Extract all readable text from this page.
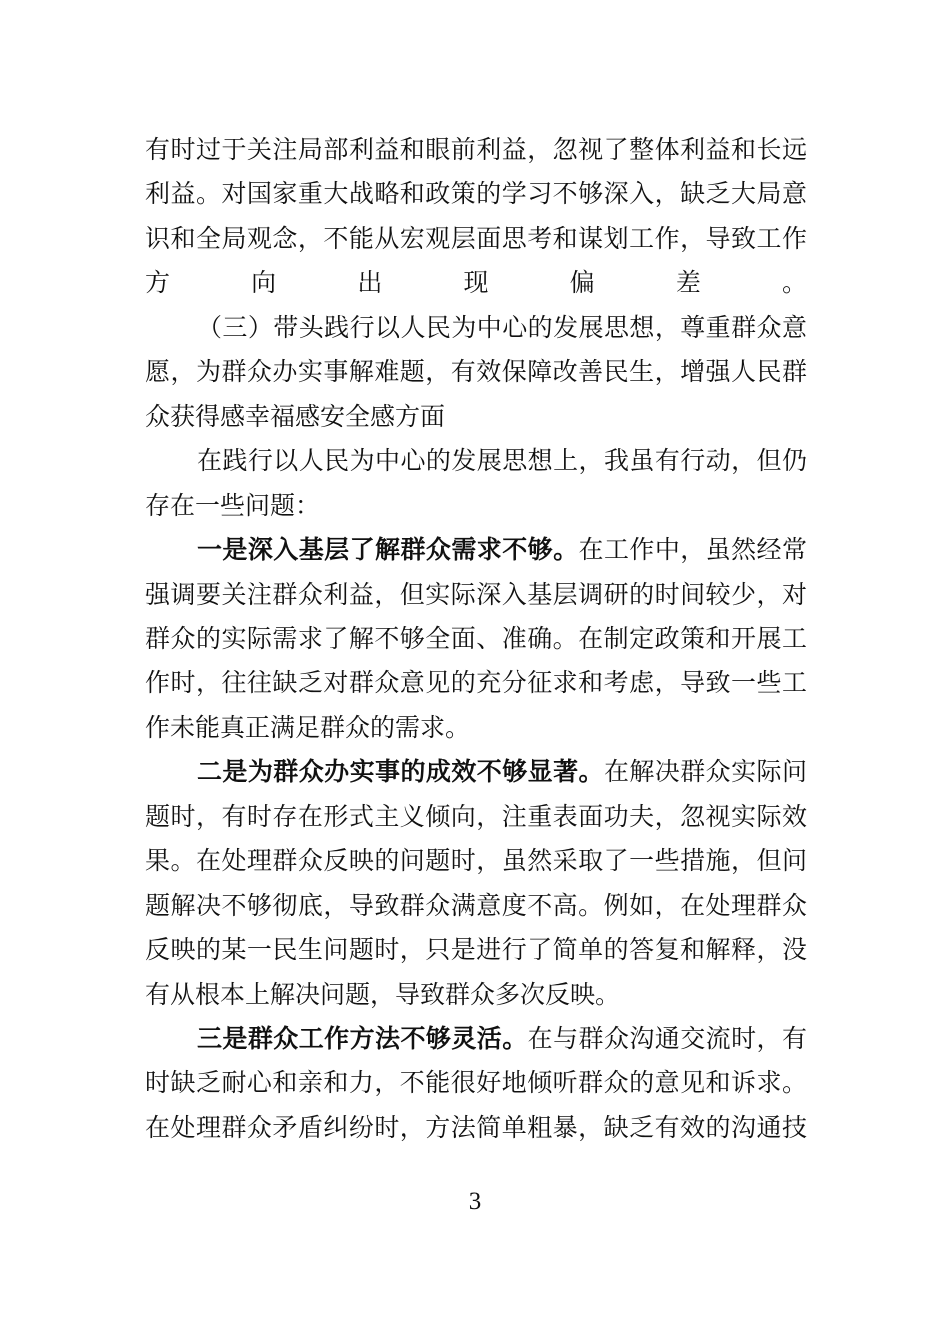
有时过于关注局部利益和眼前利益，忽视了整体利益和长远
利益。对国家重大战略和政策的学习不够深入，缺乏大局意
识和全局观念，不能从宏观层面思考和谋划工作，导致工作
方向出现偏差。
（三）带头践行以人民为中心的发展思想，尊重群众意
愿，为群众办实事解难题，有效保障改善民生，增强人民群
众获得感幸福感安全感方面
在践行以人民为中心的发展思想上，我虽有行动，但仍
存在一些问题：
一是深入基层了解群众需求不够。在工作中，虽然经常
强调要关注群众利益，但实际深入基层调研的时间较少，对
群众的实际需求了解不够全面、准确。在制定政策和开展工
作时，往往缺乏对群众意见的充分征求和考虑，导致一些工
作未能真正满足群众的需求。
二是为群众办实事的成效不够显著。在解决群众实际问
题时，有时存在形式主义倾向，注重表面功夫，忽视实际效
果。在处理群众反映的问题时，虽然采取了一些措施，但问
题解决不够彻底，导致群众满意度不高。例如，在处理群众
反映的某一民生问题时，只是进行了简单的答复和解释，没
有从根本上解决问题，导致群众多次反映。
三是群众工作方法不够灵活。在与群众沟通交流时，有
时缺乏耐心和亲和力，不能很好地倾听群众的意见和诉求。
在处理群众矛盾纠纷时，方法简单粗暴，缺乏有效的沟通技
3
